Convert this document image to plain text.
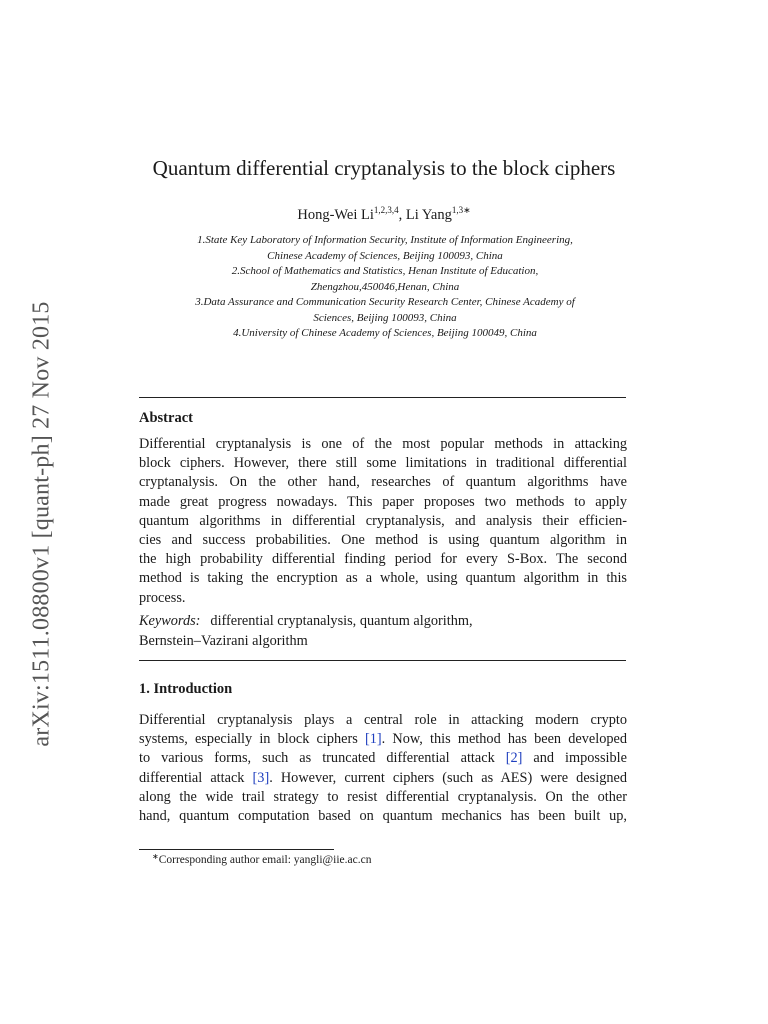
arXiv:1511.08800v1 [quant-ph] 27 Nov 2015
Quantum differential cryptanalysis to the block ciphers
Hong-Wei Li$^{1,2,3,4}$, Li Yang$^{1,3∗}$
1.State Key Laboratory of Information Security, Institute of Information Engineering,
Chinese Academy of Sciences, Beijing 100093, China
2.School of Mathematics and Statistics, Henan Institute of Education,
Zhengzhou,450046,Henan, China
3.Data Assurance and Communication Security Research Center, Chinese Academy of
Sciences, Beijing 100093, China
4.University of Chinese Academy of Sciences, Beijing 100049, China
Abstract
Differential cryptanalysis is one of the most popular methods in attacking
block ciphers. However, there still some limitations in traditional differential
cryptanalysis. On the other hand, researches of quantum algorithms have
made great progress nowadays. This paper proposes two methods to apply
quantum algorithms in differential cryptanalysis, and analysis their efficien-
cies and success probabilities. One method is using quantum algorithm in
the high probability differential finding period for every S-Box. The second
method is taking the encryption as a whole, using quantum algorithm in this
process.
Keywords: differential cryptanalysis, quantum algorithm,
Bernstein–Vazirani algorithm
1. Introduction
Differential cryptanalysis plays a central role in attacking modern crypto
systems, especially in block ciphers [1]. Now, this method has been developed
to various forms, such as truncated differential attack [2] and impossible
differential attack [3]. However, current ciphers (such as AES) were designed
along the wide trail strategy to resist differential cryptanalysis. On the other
hand, quantum computation based on quantum mechanics has been built up,
∗Corresponding author email: yangli@iie.ac.cn
